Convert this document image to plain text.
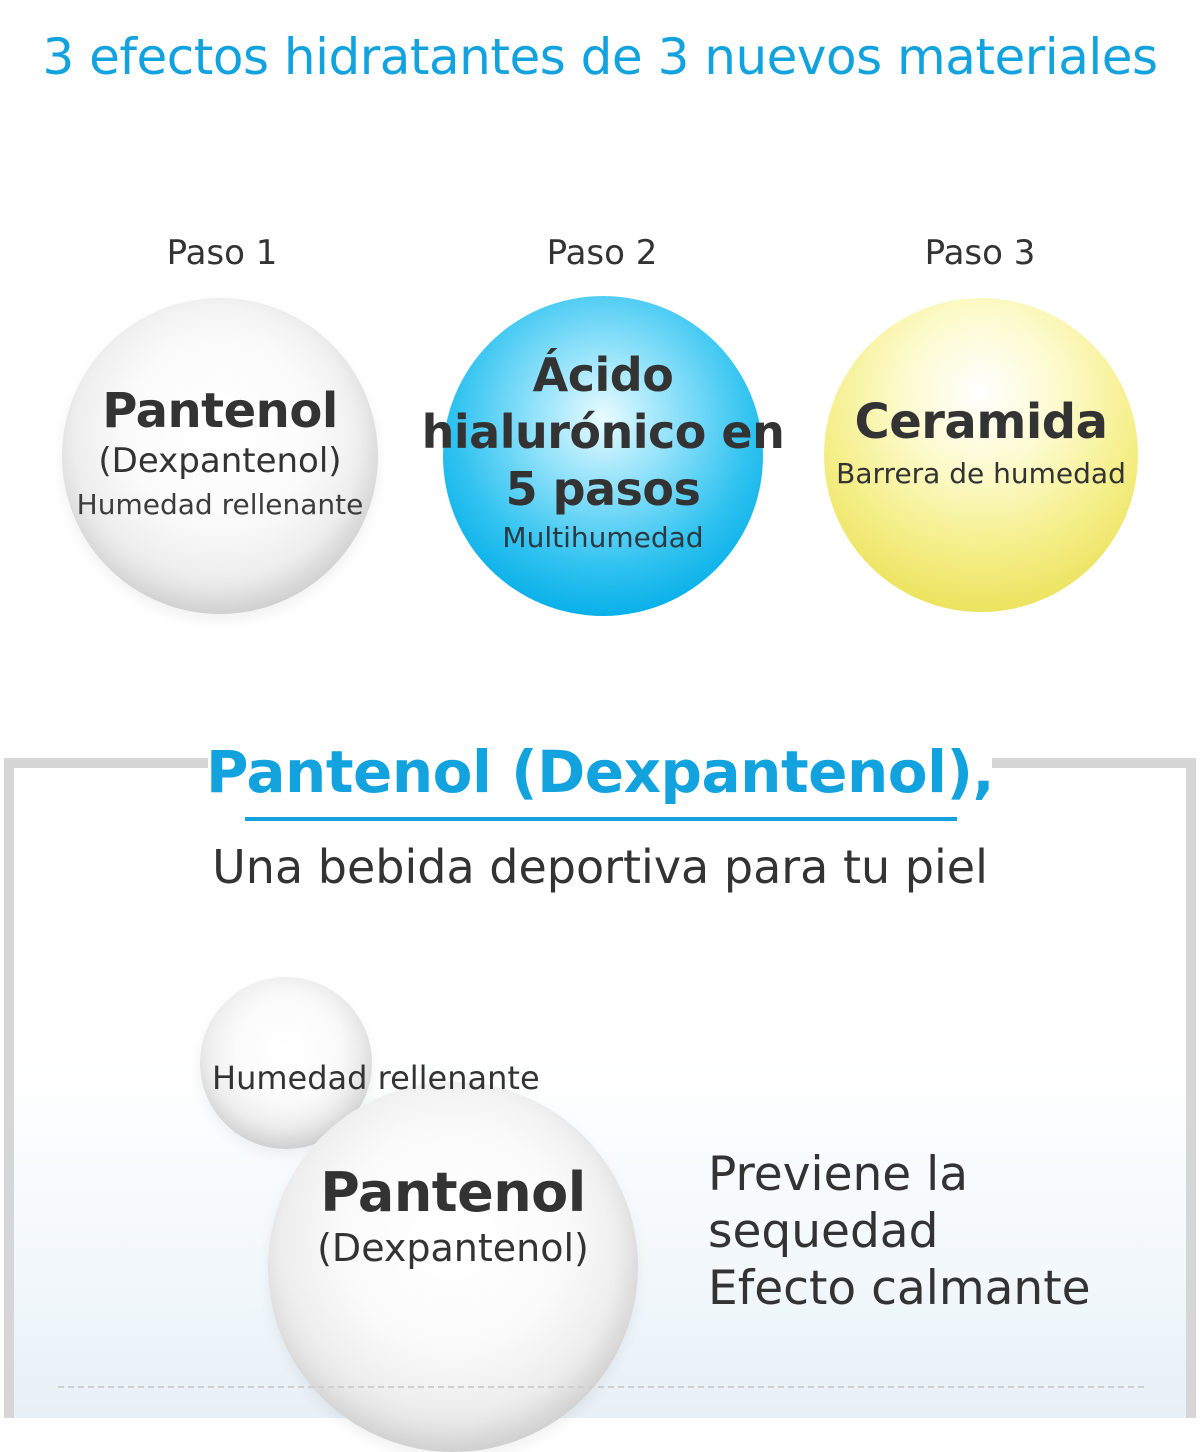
3 efectos hidratantes de 3 nuevos materiales
Paso 1
Pantenol
(Dexpantenol)
Humedad rellenante
Paso 2
Ácido
hialurónico en
5 pasos
Multihumedad
Paso 3
Ceramida
Barrera de humedad
Pantenol (Dexpantenol),
Una bebida deportiva para tu piel
Pantenol
(Dexpantenol)
Humedad rellenante
Previene la
sequedad
Efecto calmante
